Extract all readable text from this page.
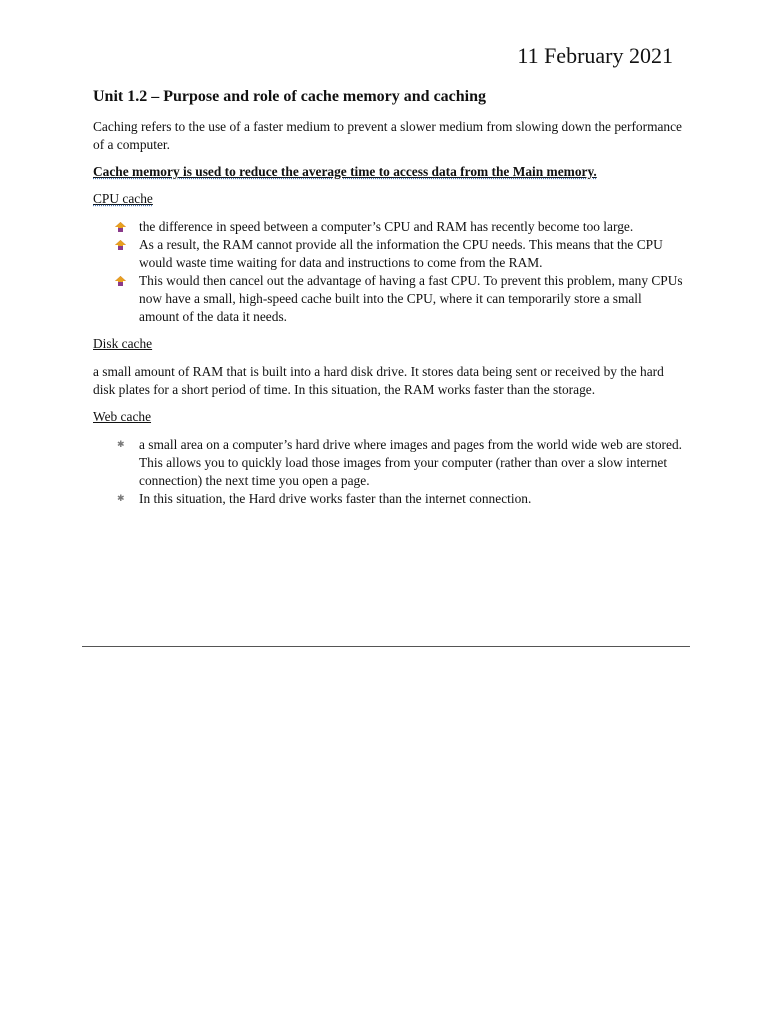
11 February 2021
Unit 1.2 – Purpose and role of cache memory and caching

Caching refers to the use of a faster medium to prevent a slower medium from slowing down the performance of a computer.

Cache memory is used to reduce the average time to access data from the Main memory.

CPU cache
the difference in speed between a computer’s CPU and RAM has recently become too large.
As a result, the RAM cannot provide all the information the CPU needs. This means that the CPU would waste time waiting for data and instructions to come from the RAM.
This would then cancel out the advantage of having a fast CPU. To prevent this problem, many CPUs now have a small, high-speed cache built into the CPU, where it can temporarily store a small amount of the data it needs.
Disk cache

a small amount of RAM that is built into a hard disk drive. It stores data being sent or received by the hard disk plates for a short period of time. In this situation, the RAM works faster than the storage.

Web cache
✱ a small area on a computer’s hard drive where images and pages from the world wide web are stored. This allows you to quickly load those images from your computer (rather than over a slow internet connection) the next time you open a page.
✱ In this situation, the Hard drive works faster than the internet connection.
